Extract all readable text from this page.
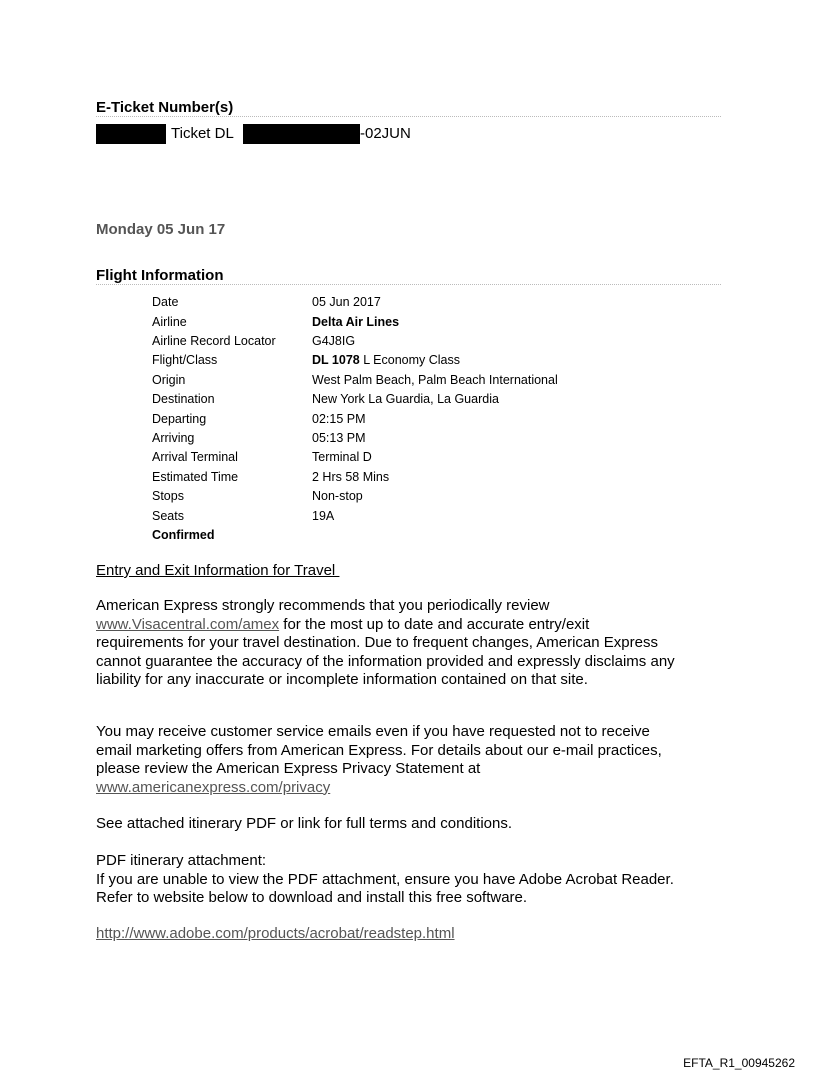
E-Ticket Number(s)
Ticket DL	-02JUN
Monday 05 Jun 17
Flight Information
Date	05 Jun 2017
Airline	Delta Air Lines
Airline Record Locator	G4J8IG
Flight/Class	DL 1078 L Economy Class
Origin	West Palm Beach, Palm Beach International
Destination	New York La Guardia, La Guardia
Departing	02:15 PM
Arriving	05:13 PM
Arrival Terminal	Terminal D
Estimated Time	2 Hrs 58 Mins
Stops	Non-stop
Seats	19A
Confirmed
Entry and Exit Information for Travel
American Express strongly recommends that you periodically review
www.Visacentral.com/amex for the most up to date and accurate entry/exit
requirements for your travel destination. Due to frequent changes, American Express
cannot guarantee the accuracy of the information provided and expressly disclaims any
liability for any inaccurate or incomplete information contained on that site.
You may receive customer service emails even if you have requested not to receive
email marketing offers from American Express. For details about our e-mail practices,
please review the American Express Privacy Statement at
www.americanexpress.com/privacy
See attached itinerary PDF or link for full terms and conditions.
PDF itinerary attachment:
If you are unable to view the PDF attachment, ensure you have Adobe Acrobat Reader.
Refer to website below to download and install this free software.
http://www.adobe.com/products/acrobat/readstep.html
EFTA_R1_00945262
